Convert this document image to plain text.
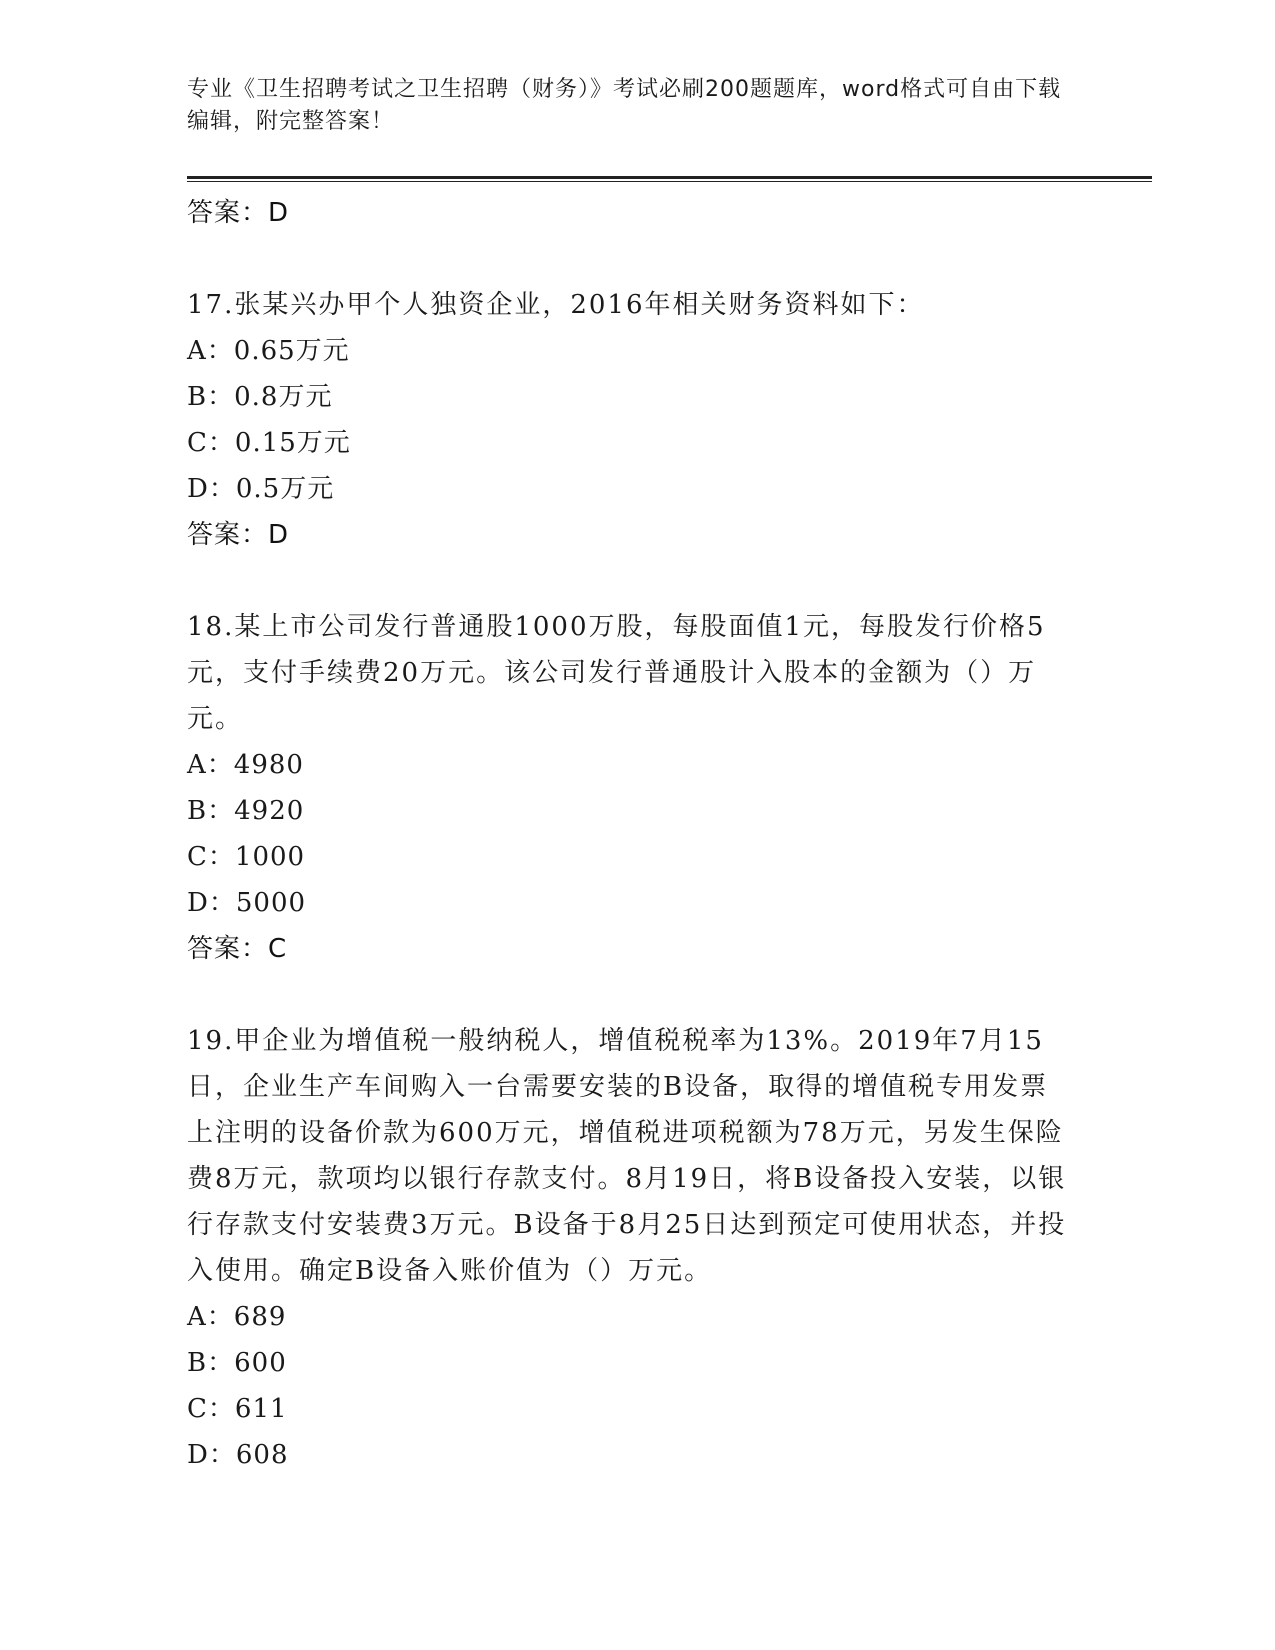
专业《卫生招聘考试之卫生招聘（财务）》考试必刷200题题库，word格式可自由下载编辑，附完整答案！
答案：D
17.张某兴办甲个人独资企业，2016年相关财务资料如下：
A：0.65万元
B：0.8万元
C：0.15万元
D：0.5万元
答案：D
18.某上市公司发行普通股1000万股，每股面值1元，每股发行价格5元，支付手续费20万元。该公司发行普通股计入股本的金额为（）万元。
A：4980
B：4920
C：1000
D：5000
答案：C
19.甲企业为增值税一般纳税人，增值税税率为13%。2019年7月15日，企业生产车间购入一台需要安装的B设备，取得的增值税专用发票上注明的设备价款为600万元，增值税进项税额为78万元，另发生保险费8万元，款项均以银行存款支付。8月19日，将B设备投入安装，以银行存款支付安装费3万元。B设备于8月25日达到预定可使用状态，并投入使用。确定B设备入账价值为（）万元。
A：689
B：600
C：611
D：608
